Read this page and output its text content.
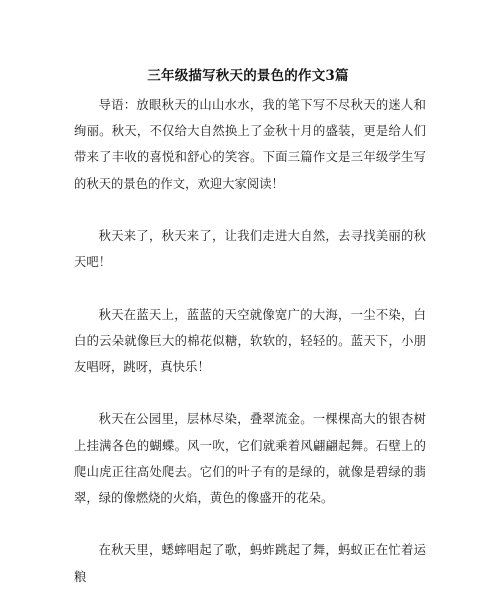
三年级描写秋天的景色的作文3篇

导语：放眼秋天的山山水水，我的笔下写不尽秋天的迷人和绚丽。秋天，不仅给大自然换上了金秋十月的盛装，更是给人们带来了丰收的喜悦和舒心的笑容。下面三篇作文是三年级学生写的秋天的景色的作文，欢迎大家阅读！

秋天来了，秋天来了，让我们走进大自然，去寻找美丽的秋天吧！

秋天在蓝天上，蓝蓝的天空就像宽广的大海，一尘不染，白白的云朵就像巨大的棉花似糖，软软的，轻轻的。蓝天下，小朋友唱呀，跳呀，真快乐！

秋天在公园里，层林尽染，叠翠流金。一棵棵高大的银杏树上挂满各色的蝴蝶。风一吹，它们就乘着风翩翩起舞。石壁上的爬山虎正往高处爬去。它们的叶子有的是绿的，就像是碧绿的翡翠，绿的像燃烧的火焰，黄色的像盛开的花朵。

在秋天里，蟋蟀唱起了歌，蚂蚱跳起了舞，蚂蚁正在忙着运粮
